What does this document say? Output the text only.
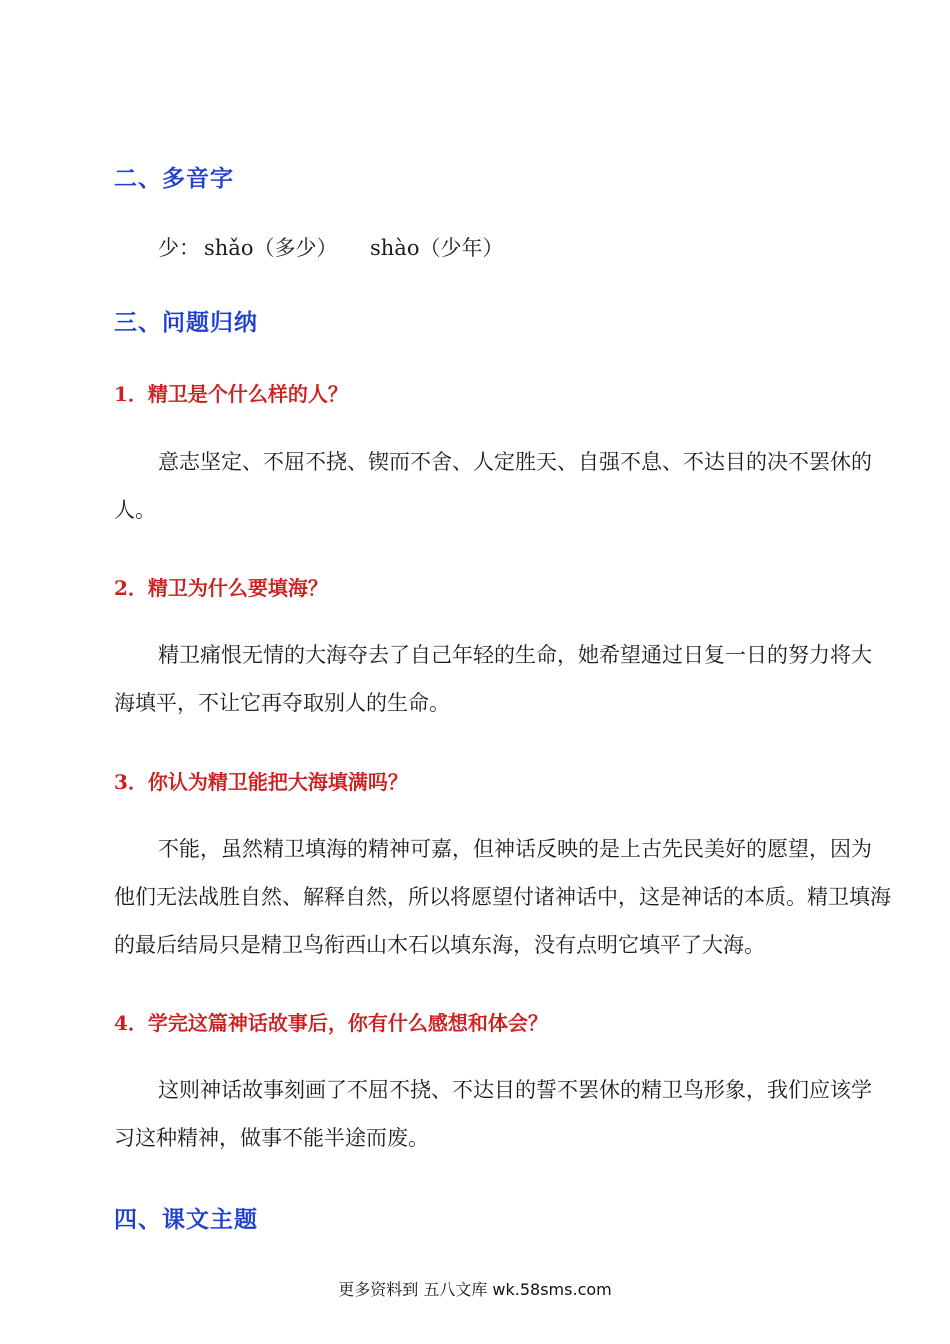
二、多音字
少： shǎo（多少） shào（少年）
三、问题归纳
1．精卫是个什么样的人？

意志坚定、不屈不挠、锲而不舍、人定胜天、自强不息、不达目的决不罢休的人。

2．精卫为什么要填海？

精卫痛恨无情的大海夺去了自己年轻的生命，她希望通过日复一日的努力将大海填平，不让它再夺取别人的生命。

3．你认为精卫能把大海填满吗？

不能，虽然精卫填海的精神可嘉，但神话反映的是上古先民美好的愿望，因为他们无法战胜自然、解释自然，所以将愿望付诸神话中，这是神话的本质。精卫填海的最后结局只是精卫鸟衔西山木石以填东海，没有点明它填平了大海。

4．学完这篇神话故事后，你有什么感想和体会？

这则神话故事刻画了不屈不挠、不达目的誓不罢休的精卫鸟形象，我们应该学习这种精神，做事不能半途而废。

四、课文主题
更多资料到 五八文库 wk.58sms.com
